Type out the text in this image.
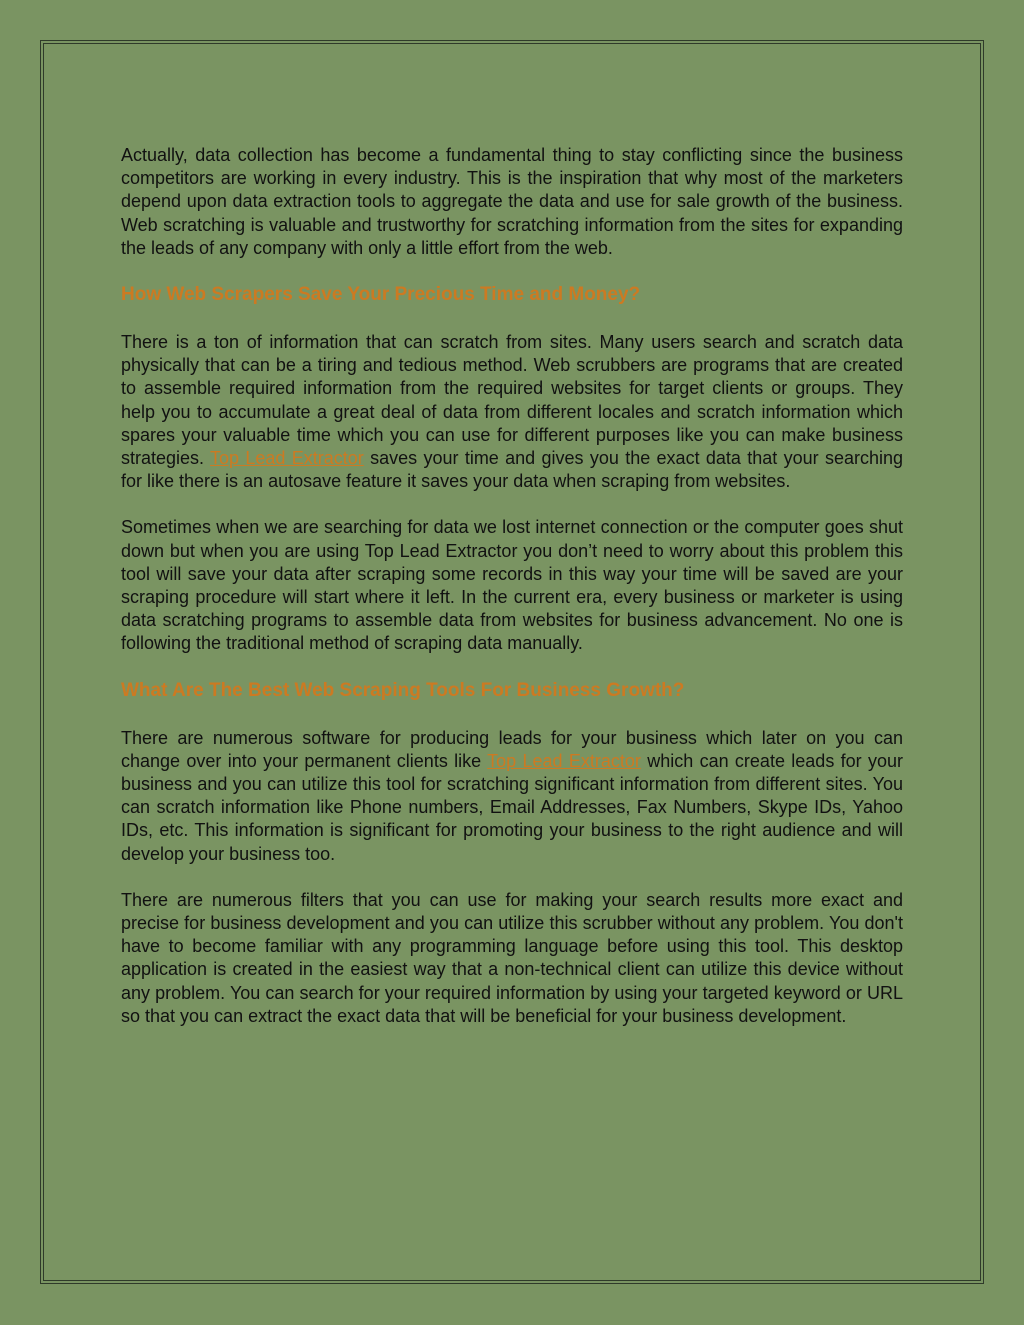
Actually, data collection has become a fundamental thing to stay conflicting since the business competitors are working in every industry. This is the inspiration that why most of the marketers depend upon data extraction tools to aggregate the data and use for sale growth of the business. Web scratching is valuable and trustworthy for scratching information from the sites for expanding the leads of any company with only a little effort from the web.

How Web Scrapers Save Your Precious Time and Money?

There is a ton of information that can scratch from sites. Many users search and scratch data physically that can be a tiring and tedious method. Web scrubbers are programs that are created to assemble required information from the required websites for target clients or groups. They help you to accumulate a great deal of data from different locales and scratch information which spares your valuable time which you can use for different purposes like you can make business strategies. Top Lead Extractor saves your time and gives you the exact data that your searching for like there is an autosave feature it saves your data when scraping from websites.

Sometimes when we are searching for data we lost internet connection or the computer goes shut down but when you are using Top Lead Extractor you don’t need to worry about this problem this tool will save your data after scraping some records in this way your time will be saved are your scraping procedure will start where it left. In the current era, every business or marketer is using data scratching programs to assemble data from websites for business advancement. No one is following the traditional method of scraping data manually.

What Are The Best Web Scraping Tools For Business Growth?

There are numerous software for producing leads for your business which later on you can change over into your permanent clients like Top Lead Extractor which can create leads for your business and you can utilize this tool for scratching significant information from different sites. You can scratch information like Phone numbers, Email Addresses, Fax Numbers, Skype IDs, Yahoo IDs, etc. This information is significant for promoting your business to the right audience and will develop your business too.

There are numerous filters that you can use for making your search results more exact and precise for business development and you can utilize this scrubber without any problem. You don't have to become familiar with any programming language before using this tool. This desktop application is created in the easiest way that a non-technical client can utilize this device without any problem. You can search for your required information by using your targeted keyword or URL so that you can extract the exact data that will be beneficial for your business development.
